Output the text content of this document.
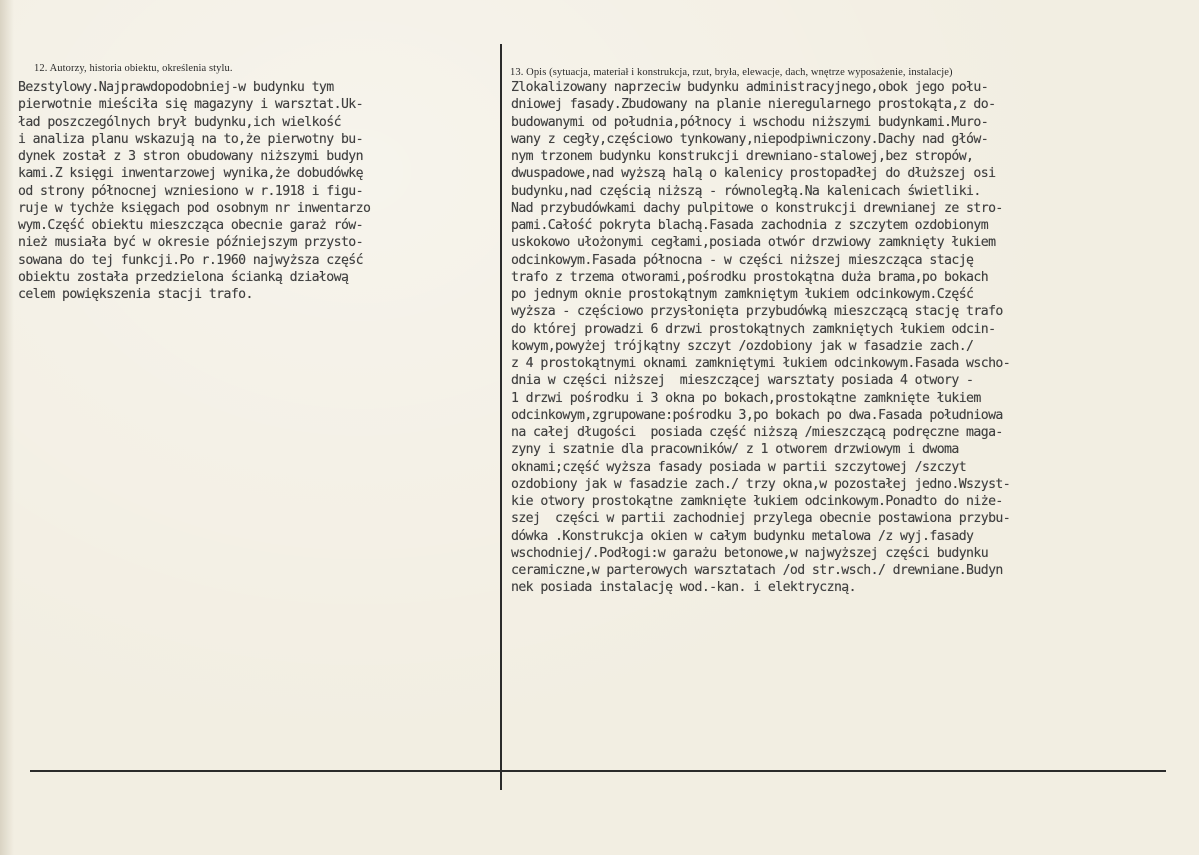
12. Autorzy, historia obiektu, określenia stylu.	13. Opis (sytuacja, materiał i konstrukcja, rzut, bryła, elewacje, dach, wnętrze wyposażenie, instalacje)
Bezstylowy.Najprawdopodobniej-w budynku tym
pierwotnie mieściła się magazyny i warsztat.Uk-
ład poszczególnych brył budynku,ich wielkość
i analiza planu wskazują na to,że pierwotny bu-
dynek został z 3 stron obudowany niższymi budyn
kami.Z księgi inwentarzowej wynika,że dobudówkę
od strony północnej wzniesiono w r.1918 i figu-
ruje w tychże księgach pod osobnym nr inwentarzo
wym.Część obiektu mieszcząca obecnie garaż rów-
nież musiała być w okresie późniejszym przysto-
sowana do tej funkcji.Po r.1960 najwyższa część
obiektu została przedzielona ścianką działową
celem powiększenia stacji trafo.
Zlokalizowany naprzeciw budynku administracyjnego,obok jego połu-
dniowej fasady.Zbudowany na planie nieregularnego prostokąta,z do-
budowanymi od południa,północy i wschodu niższymi budynkami.Muro-
wany z cegły,częściowo tynkowany,niepodpiwniczony.Dachy nad głów-
nym trzonem budynku konstrukcji drewniano-stalowej,bez stropów,
dwuspadowe,nad wyższą halą o kalenicy prostopadłej do dłuższej osi
budynku,nad częścią niższą - równoległą.Na kalenicach świetliki.
Nad przybudówkami dachy pulpitowe o konstrukcji drewnianej ze stro-
pami.Całość pokryta blachą.Fasada zachodnia z szczytem ozdobionym
uskokowo ułożonymi cegłami,posiada otwór drzwiowy zamknięty łukiem
odcinkowym.Fasada północna - w części niższej mieszcząca stację
trafo z trzema otworami,pośrodku prostokątna duża brama,po bokach
po jednym oknie prostokątnym zamkniętym łukiem odcinkowym.Część
wyższa - częściowo przysłonięta przybudówką mieszczącą stację trafo
do której prowadzi 6 drzwi prostokątnych zamkniętych łukiem odcin-
kowym,powyżej trójkątny szczyt /ozdobiony jak w fasadzie zach./
z 4 prostokątnymi oknami zamkniętymi łukiem odcinkowym.Fasada wscho-
dnia w części niższej  mieszczącej warsztaty posiada 4 otwory -
1 drzwi pośrodku i 3 okna po bokach,prostokątne zamknięte łukiem
odcinkowym,zgrupowane:pośrodku 3,po bokach po dwa.Fasada południowa
na całej długości  posiada część niższą /mieszczącą podręczne maga-
zyny i szatnie dla pracowników/ z 1 otworem drzwiowym i dwoma
oknami;część wyższa fasady posiada w partii szczytowej /szczyt
ozdobiony jak w fasadzie zach./ trzy okna,w pozostałej jedno.Wszyst-
kie otwory prostokątne zamknięte łukiem odcinkowym.Ponadto do niże-
szej  części w partii zachodniej przylega obecnie postawiona przybu-
dówka .Konstrukcja okien w całym budynku metalowa /z wyj.fasady
wschodniej/.Podłogi:w garażu betonowe,w najwyższej części budynku
ceramiczne,w parterowych warsztatach /od str.wsch./ drewniane.Budyn
nek posiada instalację wod.-kan. i elektryczną.
